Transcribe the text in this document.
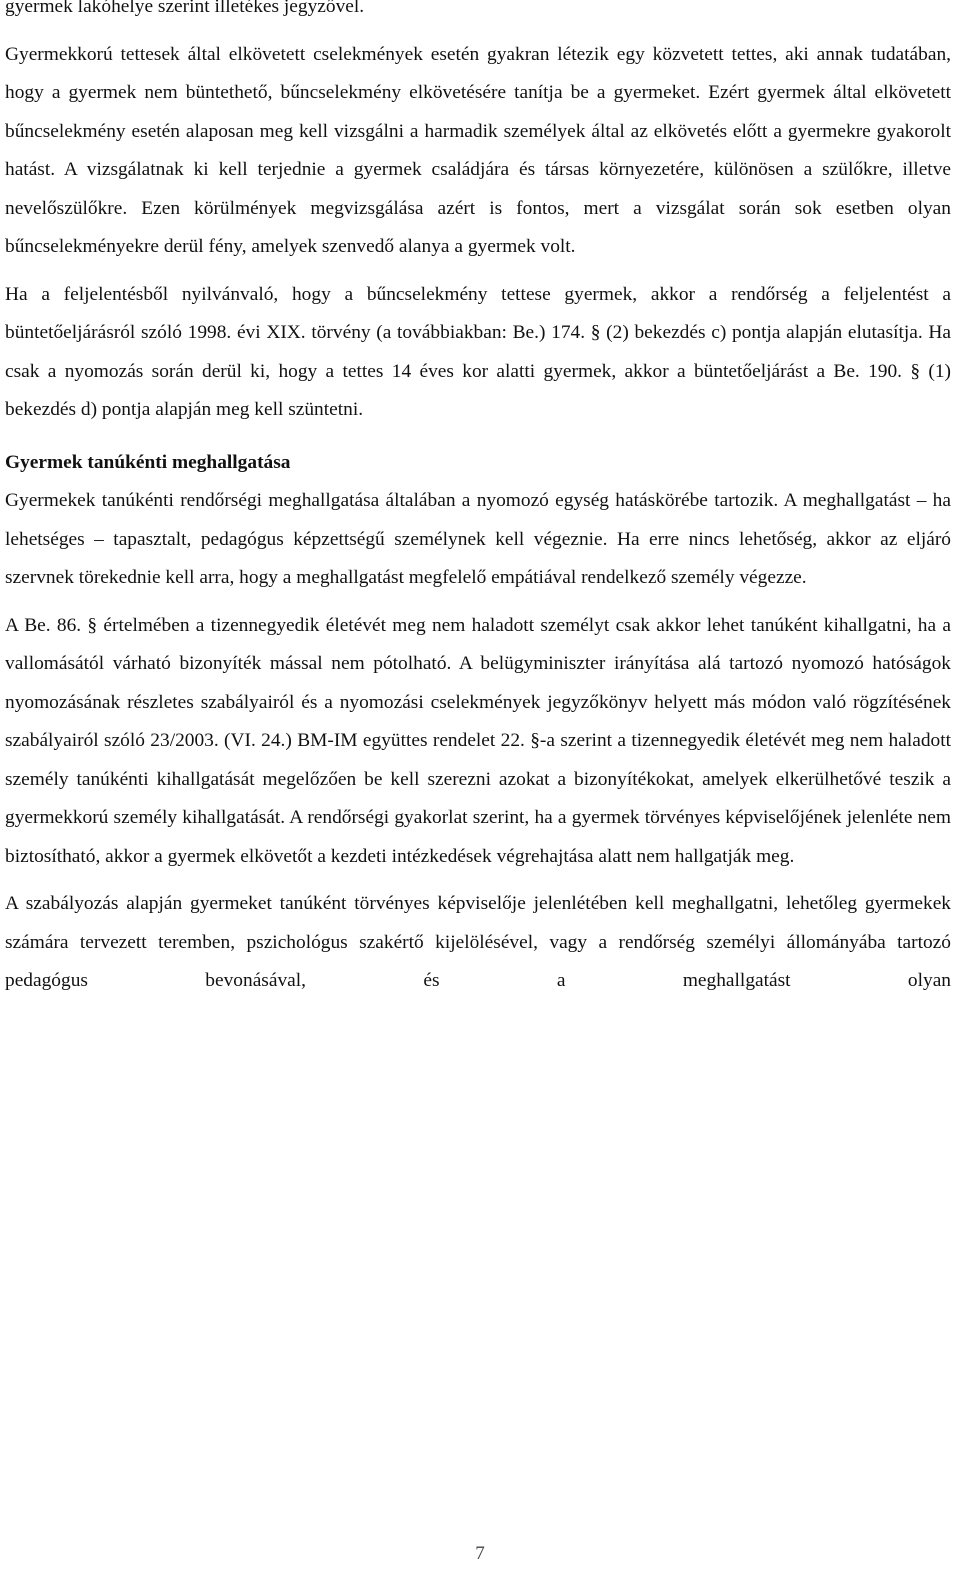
gyermek lakóhelye szerint illetékes jegyzővel.

Gyermekkorú tettesek által elkövetett cselekmények esetén gyakran létezik egy közvetett tettes, aki annak tudatában, hogy a gyermek nem büntethető, bűncselekmény elkövetésére tanítja be a gyermeket. Ezért gyermek által elkövetett bűncselekmény esetén alaposan meg kell vizsgálni a harmadik személyek által az elkövetés előtt a gyermekre gyakorolt hatást. A vizsgálatnak ki kell terjednie a gyermek családjára és társas környezetére, különösen a szülőkre, illetve nevelőszülőkre. Ezen körülmények megvizsgálása azért is fontos, mert a vizsgálat során sok esetben olyan bűncselekményekre derül fény, amelyek szenvedő alanya a gyermek volt.

Ha a feljelentésből nyilvánvaló, hogy a bűncselekmény tettese gyermek, akkor a rendőrség a feljelentést a büntetőeljárásról szóló 1998. évi XIX. törvény (a továbbiakban: Be.) 174. § (2) bekezdés c) pontja alapján elutasítja. Ha csak a nyomozás során derül ki, hogy a tettes 14 éves kor alatti gyermek, akkor a büntetőeljárást a Be. 190. § (1) bekezdés d) pontja alapján meg kell szüntetni.

Gyermek tanúkénti meghallgatása

Gyermekek tanúkénti rendőrségi meghallgatása általában a nyomozó egység hatáskörébe tartozik. A meghallgatást – ha lehetséges – tapasztalt, pedagógus képzettségű személynek kell végeznie. Ha erre nincs lehetőség, akkor az eljáró szervnek törekednie kell arra, hogy a meghallgatást megfelelő empátiával rendelkező személy végezze.

A Be. 86. § értelmében a tizennegyedik életévét meg nem haladott személyt csak akkor lehet tanúként kihallgatni, ha a vallomásától várható bizonyíték mással nem pótolható. A belügyminiszter irányítása alá tartozó nyomozó hatóságok nyomozásának részletes szabályairól és a nyomozási cselekmények jegyzőkönyv helyett más módon való rögzítésének szabályairól szóló 23/2003. (VI. 24.) BM-IM együttes rendelet 22. §-a szerint a tizennegyedik életévét meg nem haladott személy tanúkénti kihallgatását megelőzően be kell szerezni azokat a bizonyítékokat, amelyek elkerülhetővé teszik a gyermekkorú személy kihallgatását. A rendőrségi gyakorlat szerint, ha a gyermek törvényes képviselőjének jelenléte nem biztosítható, akkor a gyermek elkövetőt a kezdeti intézkedések végrehajtása alatt nem hallgatják meg.

A szabályozás alapján gyermeket tanúként törvényes képviselője jelenlétében kell meghallgatni, lehetőleg gyermekek számára tervezett teremben, pszichológus szakértő kijelölésével, vagy a rendőrség személyi állományába tartozó pedagógus bevonásával, és a meghallgatást olyan

7
